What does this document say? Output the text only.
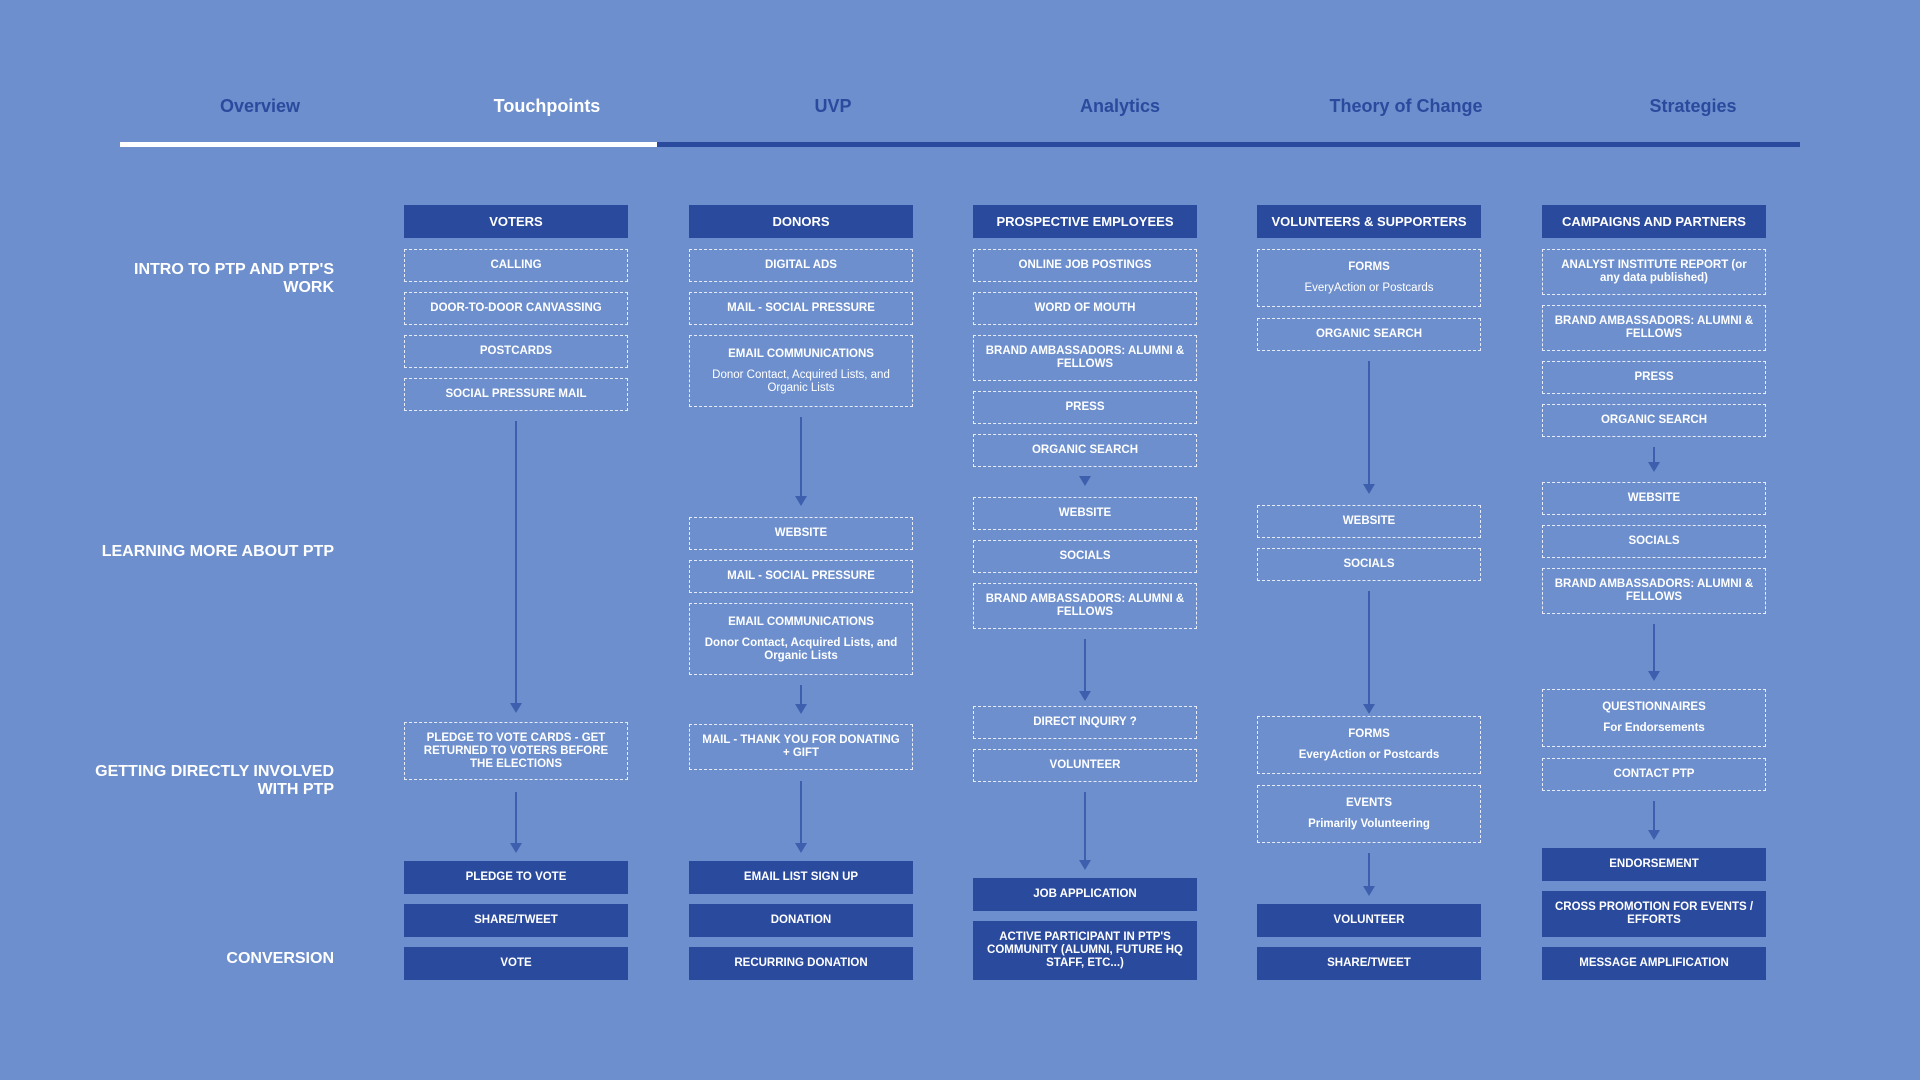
Overview	Touchpoints	UVP	Analytics	Theory of Change	Strategies
INTRO TO PTP AND PTP'S WORK
LEARNING MORE ABOUT PTP
GETTING DIRECTLY INVOLVED WITH PTP
CONVERSION
VOTERS
CALLING
DOOR-TO-DOOR CANVASSING
POSTCARDS
SOCIAL PRESSURE MAIL
PLEDGE TO VOTE CARDS - GET RETURNED TO VOTERS BEFORE THE ELECTIONS
PLEDGE TO VOTE
SHARE/TWEET
VOTE
DONORS
DIGITAL ADS
MAIL - SOCIAL PRESSURE
EMAIL COMMUNICATIONS
Donor Contact, Acquired Lists, and Organic Lists
WEBSITE
MAIL - SOCIAL PRESSURE
EMAIL COMMUNICATIONS
Donor Contact, Acquired Lists, and Organic Lists
MAIL - THANK YOU FOR DONATING + GIFT
EMAIL LIST SIGN UP
DONATION
RECURRING DONATION
PROSPECTIVE EMPLOYEES
ONLINE JOB POSTINGS
WORD OF MOUTH
BRAND AMBASSADORS: ALUMNI & FELLOWS
PRESS
ORGANIC SEARCH
WEBSITE
SOCIALS
BRAND AMBASSADORS: ALUMNI & FELLOWS
DIRECT INQUIRY ?
VOLUNTEER
JOB APPLICATION
ACTIVE PARTICIPANT IN PTP'S COMMUNITY (ALUMNI, FUTURE HQ STAFF, ETC...)
VOLUNTEERS & SUPPORTERS
FORMS
EveryAction or Postcards
ORGANIC SEARCH
WEBSITE
SOCIALS
FORMS
EveryAction or Postcards
EVENTS
Primarily Volunteering
VOLUNTEER
SHARE/TWEET
CAMPAIGNS AND PARTNERS
ANALYST INSTITUTE REPORT (or any data published)
BRAND AMBASSADORS: ALUMNI & FELLOWS
PRESS
ORGANIC SEARCH
WEBSITE
SOCIALS
BRAND AMBASSADORS: ALUMNI & FELLOWS
QUESTIONNAIRES
For Endorsements
CONTACT PTP
ENDORSEMENT
CROSS PROMOTION FOR EVENTS / EFFORTS
MESSAGE AMPLIFICATION
